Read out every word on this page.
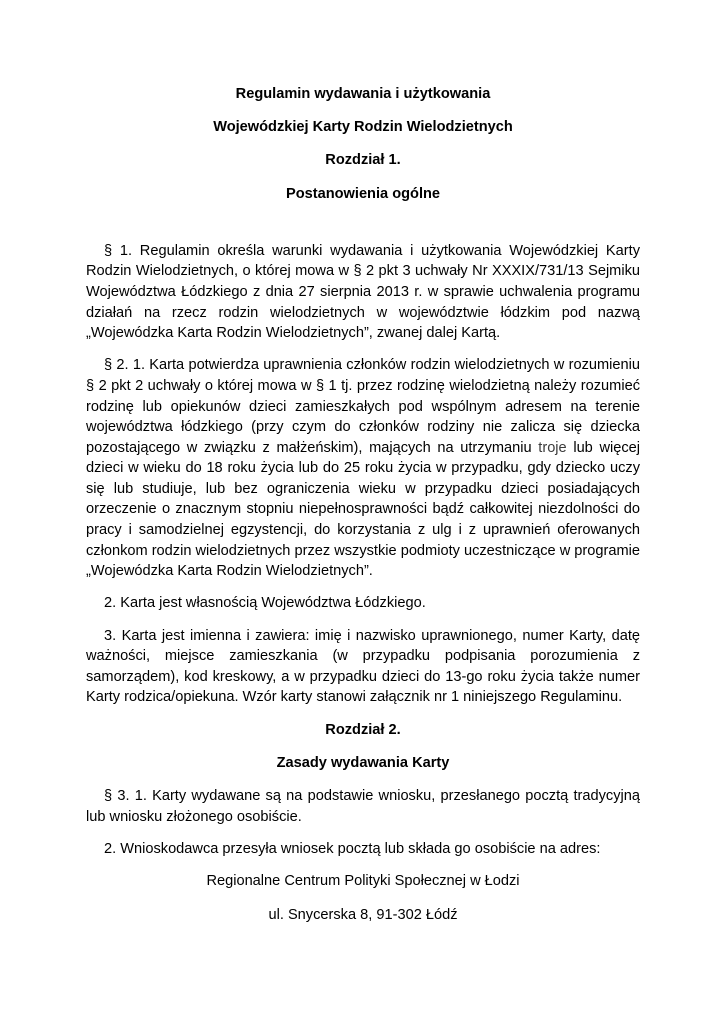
Regulamin wydawania i użytkowania
Wojewódzkiej Karty Rodzin Wielodzietnych
Rozdział 1.
Postanowienia ogólne

§ 1. Regulamin określa warunki wydawania i użytkowania Wojewódzkiej Karty Rodzin Wielodzietnych, o której mowa w § 2 pkt 3 uchwały Nr XXXIX/731/13 Sejmiku Województwa Łódzkiego z dnia 27 sierpnia 2013 r. w sprawie uchwalenia programu działań na rzecz rodzin wielodzietnych w województwie łódzkim pod nazwą „Wojewódzka Karta Rodzin Wielodzietnych”, zwanej dalej Kartą.

§ 2. 1. Karta potwierdza uprawnienia członków rodzin wielodzietnych w rozumieniu § 2 pkt 2 uchwały o której mowa w § 1 tj. przez rodzinę wielodzietną należy rozumieć rodzinę lub opiekunów dzieci zamieszkałych pod wspólnym adresem na terenie województwa łódzkiego (przy czym do członków rodziny nie zalicza się dziecka pozostającego w związku z małżeńskim), mających na utrzymaniu troje lub więcej dzieci w wieku do 18 roku życia lub do 25 roku życia w przypadku, gdy dziecko uczy się lub studiuje, lub bez ograniczenia wieku w przypadku dzieci posiadających orzeczenie o znacznym stopniu niepełnosprawności bądź całkowitej niezdolności do pracy i samodzielnej egzystencji, do korzystania z ulg i z uprawnień oferowanych członkom rodzin wielodzietnych przez wszystkie podmioty uczestniczące w programie „Wojewódzka Karta Rodzin Wielodzietnych”.

2. Karta jest własnością Województwa Łódzkiego.

3. Karta jest imienna i zawiera: imię i nazwisko uprawnionego, numer Karty, datę ważności, miejsce zamieszkania (w przypadku podpisania porozumienia z samorządem), kod kreskowy, a w przypadku dzieci do 13-go roku życia także numer Karty rodzica/opiekuna. Wzór karty stanowi załącznik nr 1 niniejszego Regulaminu.

Rozdział 2.
Zasady wydawania Karty

§ 3. 1. Karty wydawane są na podstawie wniosku, przesłanego pocztą tradycyjną lub wniosku złożonego osobiście.

2. Wnioskodawca przesyła wniosek pocztą lub składa go osobiście na adres:

Regionalne Centrum Polityki Społecznej w Łodzi
ul. Snycerska 8, 91-302 Łódź
